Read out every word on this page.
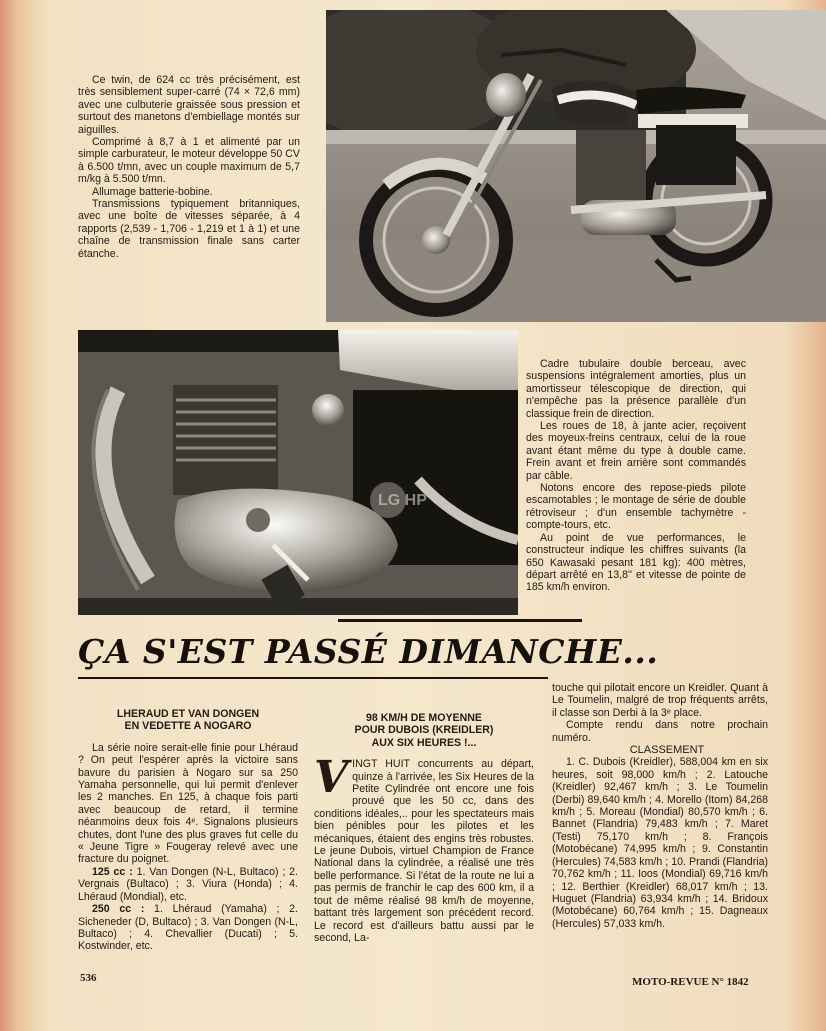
Ce twin, de 624 cc très précisément, est très sensiblement super-carré (74 × 72,6 mm) avec une culbuterie graissée sous pression et surtout des manetons d'embiellage montés sur aiguilles.

Comprimé à 8,7 à 1 et alimenté par un simple carburateur, le moteur développe 50 CV à 6.500 t/mn, avec un couple maximum de 5,7 m/kg à 5.500 t/mn.

Allumage batterie-bobine.

Transmissions typiquement britanniques, avec une boîte de vitesses séparée, à 4 rapports (2,539 - 1,706 - 1,219 et 1 à 1) et une chaîne de transmission finale sans carter étanche.

LG HP

Cadre tubulaire double berceau, avec suspensions intégralement amorties, plus un amortisseur télescopique de direction, qui n'empêche pas la présence parallèle d'un classique frein de direction.

Les roues de 18, à jante acier, reçoivent des moyeux-freins centraux, celui de la roue avant étant même du type à double came. Frein avant et frein arrière sont commandés par câble.

Notons encore des repose-pieds pilote escamotables ; le montage de série de double rétroviseur ; d'un ensemble tachymètre - compte-tours, etc.

Au point de vue performances, le constructeur indique les chiffres suivants (la 650 Kawasaki pesant 181 kg): 400 mètres, départ arrêté en 13,8'' et vitesse de pointe de 185 km/h environ.

ÇA S'EST PASSÉ DIMANCHE...
LHERAUD ET VAN DONGEN
EN VEDETTE A NOGARO

La série noire serait-elle finie pour Lhéraud ? On peut l'espérer après la victoire sans bavure du parisien à Nogaro sur sa 250 Yamaha personnelle, qui lui permit d'enlever les 2 manches. En 125, à chaque fois parti avec beaucoup de retard, il termine néanmoins deux fois 4ᵉ. Signalons plusieurs chutes, dont l'une des plus graves fut celle du « Jeune Tigre » Fougeray relevé avec une fracture du poignet.

125 cc : 1. Van Dongen (N-L, Bultaco) ; 2. Vergnais (Bultaco) ; 3. Viura (Honda) ; 4. Lhéraud (Mondial), etc.

250 cc : 1. Lhéraud (Yamaha) ; 2. Sicheneder (D, Bultaco) ; 3. Van Dongen (N-L, Bultaco) ; 4. Chevallier (Ducati) ; 5. Kostwinder, etc.

98 KM/H DE MOYENNE
POUR DUBOIS (KREIDLER)
AUX SIX HEURES !...

VINGT HUIT concurrents au départ, quinze à l'arrivée, les Six Heures de la Petite Cylindrée ont encore une fois prouvé que les 50 cc, dans des conditions idéales,.. pour les spectateurs mais bien pénibles pour les pilotes et les mécaniques, étaient des engins très robustes. Le jeune Dubois, virtuel Champion de France National dans la cylindrée, a réalisé une très belle performance. Si l'état de la route ne lui a pas permis de franchir le cap des 600 km, il a tout de même réalisé 98 km/h de moyenne, battant très largement son précédent record. Le record est d'ailleurs battu aussi par le second, La-

touche qui pilotait encore un Kreidler. Quant à Le Toumelin, malgré de trop fréquents arrêts, il classe son Derbi à la 3ᵉ place.

Compte rendu dans notre prochain numéro.

CLASSEMENT

1. C. Dubois (Kreidler), 588,004 km en six heures, soit 98,000 km/h ; 2. Latouche (Kreidler) 92,467 km/h ; 3. Le Toumelin (Derbi) 89,640 km/h ; 4. Morello (Itom) 84,268 km/h ; 5. Moreau (Mondial) 80,570 km/h ; 6. Bannet (Flandria) 79,483 km/h ; 7. Maret (Testi) 75,170 km/h ; 8. François (Motobécane) 74,995 km/h ; 9. Constantin (Hercules) 74,583 km/h ; 10. Prandi (Flandria) 70,762 km/h ; 11. Ioos (Mondial) 69,716 km/h ; 12. Berthier (Kreidler) 68,017 km/h ; 13. Huguet (Flandria) 63,934 km/h ; 14. Bridoux (Motobécane) 60,764 km/h ; 15. Dagneaux (Hercules) 57,033 km/h.

536	MOTO-REVUE N° 1842
